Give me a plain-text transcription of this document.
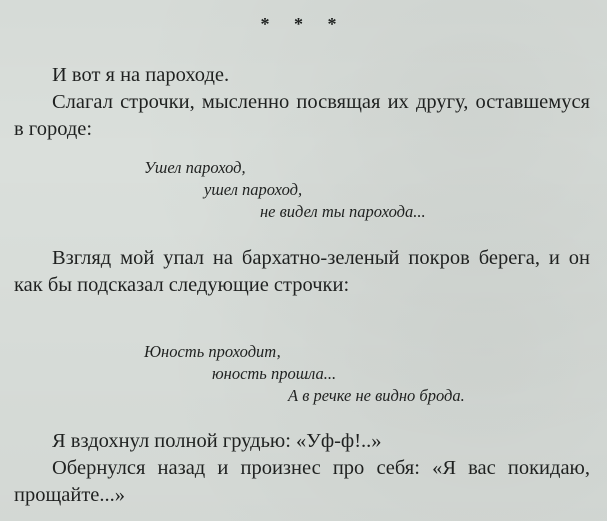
* * *
И вот я на пароходе.
Слагал строчки, мысленно посвящая их другу, оставшемуся в городе:
Ушел пароход,
ушел пароход,
не видел ты парохода...
Взгляд мой упал на бархатно-зеленый покров берега, и он как бы подсказал следующие строчки:
Юность проходит,
юность прошла...
А в речке не видно брода.
Я вздохнул полной грудью: «Уф-ф!..»
Обернулся назад и произнес про себя: «Я вас покидаю, прощайте...»
